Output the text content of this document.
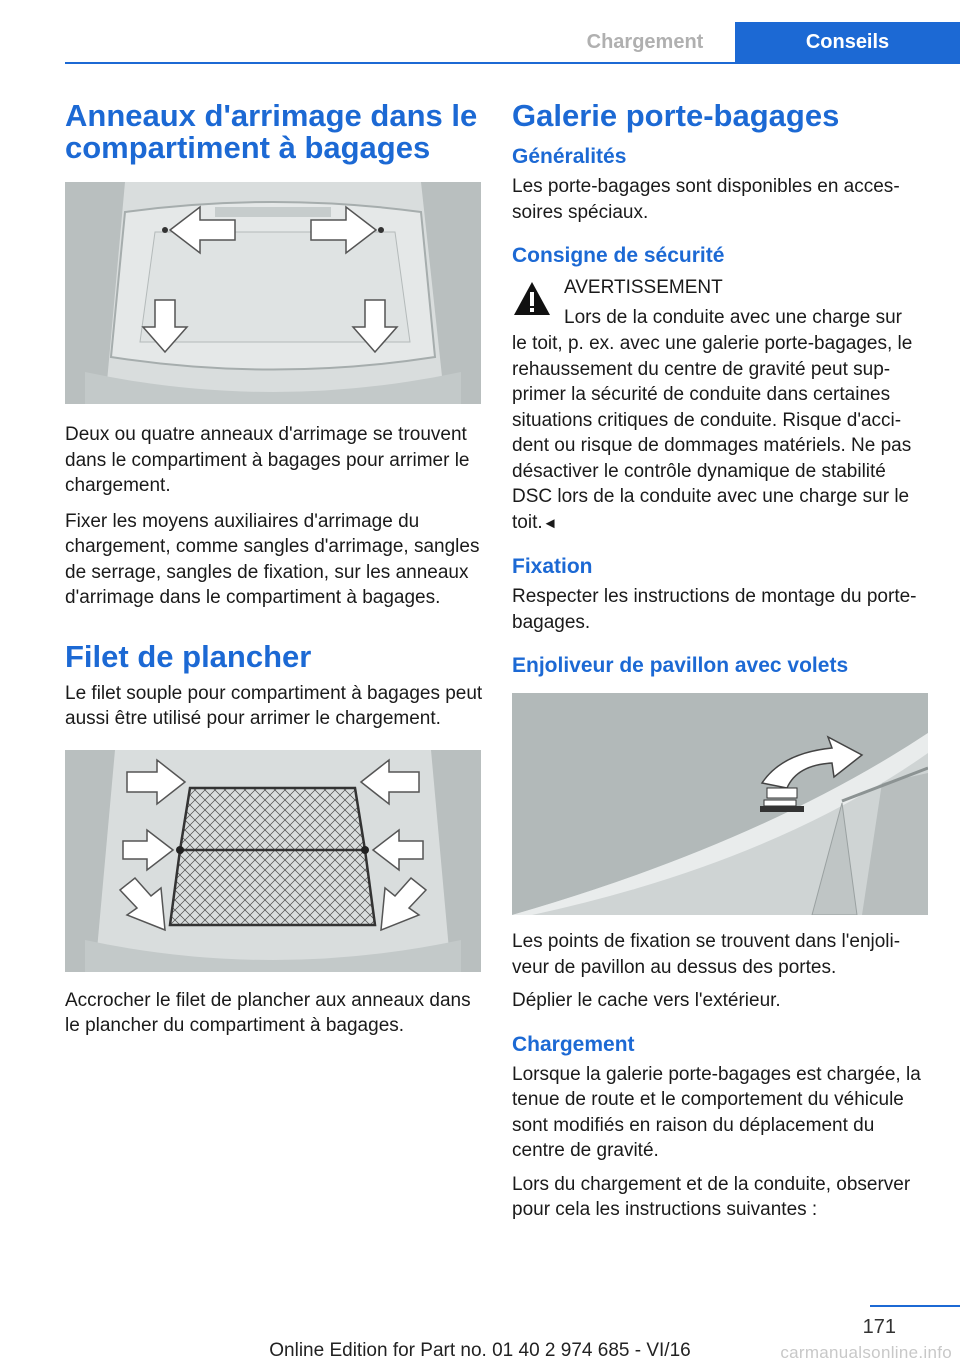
Chargement	Conseils
Anneaux d'arrimage dans le compartiment à bagages

Deux ou quatre anneaux d'arrimage se trouvent dans le compartiment à bagages pour arrimer le chargement.

Fixer les moyens auxiliaires d'arrimage du chargement, comme sangles d'arrimage, sangles de serrage, sangles de fixation, sur les anneaux d'arrimage dans le compartiment à bagages.

Filet de plancher

Le filet souple pour compartiment à bagages peut aussi être utilisé pour arrimer le chargement.

Accrocher le filet de plancher aux anneaux dans le plancher du compartiment à bagages.

Galerie porte-bagages
Généralités

Les porte-bagages sont disponibles en accessoires spéciaux.

Consigne de sécurité
AVERTISSEMENT
Lors de la conduite avec une charge sur

le toit, p. ex. avec une galerie porte-bagages, le rehaussement du centre de gravité peut supprimer la sécurité de conduite dans certaines situations critiques de conduite. Risque d'accident ou risque de dommages matériels. Ne pas désactiver le contrôle dynamique de stabilité DSC lors de la conduite avec une charge sur le toit.◄

Fixation

Respecter les instructions de montage du porte-bagages.

Enjoliveur de pavillon avec volets

Les points de fixation se trouvent dans l'enjoliveur de pavillon au dessus des portes.

Déplier le cache vers l'extérieur.

Chargement

Lorsque la galerie porte-bagages est chargée, la tenue de route et le comportement du véhicule sont modifiés en raison du déplacement du centre de gravité.

Lors du chargement et de la conduite, observer pour cela les instructions suivantes :

171
Online Edition for Part no. 01 40 2 974 685 - VI/16	carmanualsonline.info
